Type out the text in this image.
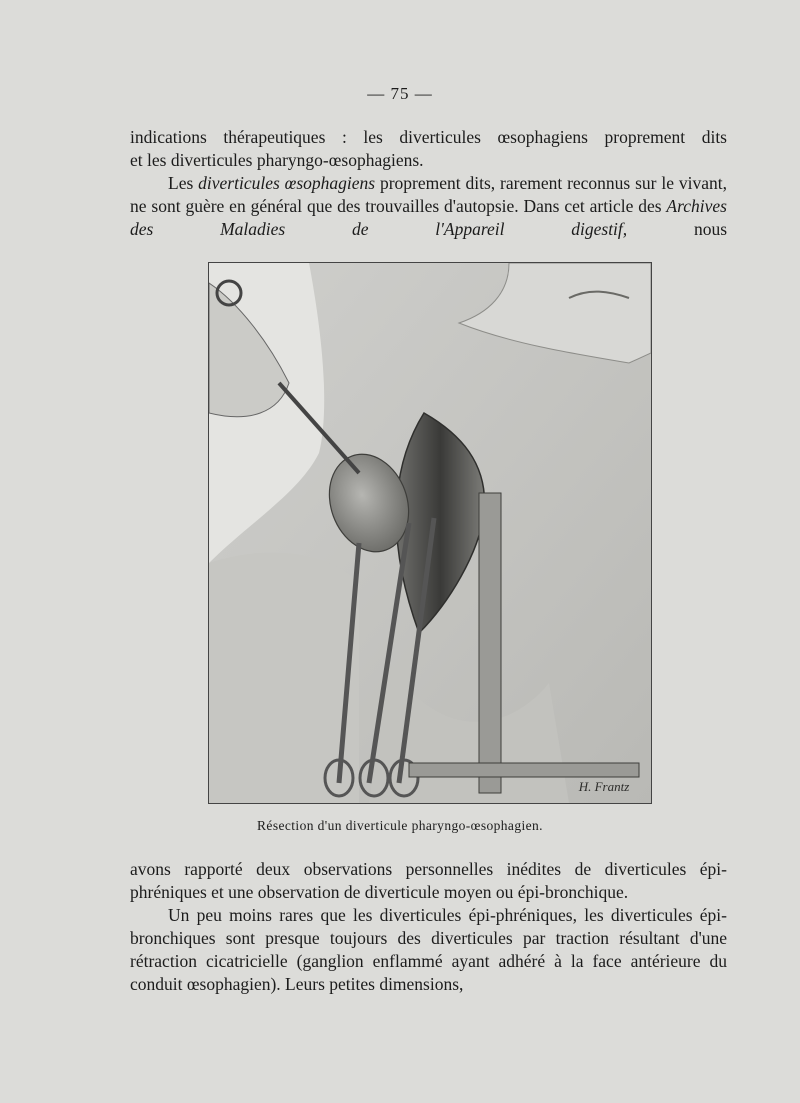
— 75 —

indications thérapeutiques : les diverticules œsophagiens proprement dits

et les diverticules pharyngo-œsophagiens.

Les diverticules œsophagiens proprement dits, rarement reconnus sur le vivant, ne sont guère en général que des trouvailles d'autopsie. Dans cet article des Archives des Maladies de l'Appareil digestif, nous

H. Frantz
Résection d'un diverticule pharyngo-œsophagien.

avons rapporté deux observations personnelles inédites de diverticules épi-phréniques et une observation de diverticule moyen ou épi-bronchique.

Un peu moins rares que les diverticules épi-phréniques, les diverticules épi-bronchiques sont presque toujours des diverticules par traction résultant d'une rétraction cicatricielle (ganglion enflammé ayant adhéré à la face antérieure du conduit œsophagien). Leurs petites dimensions,
